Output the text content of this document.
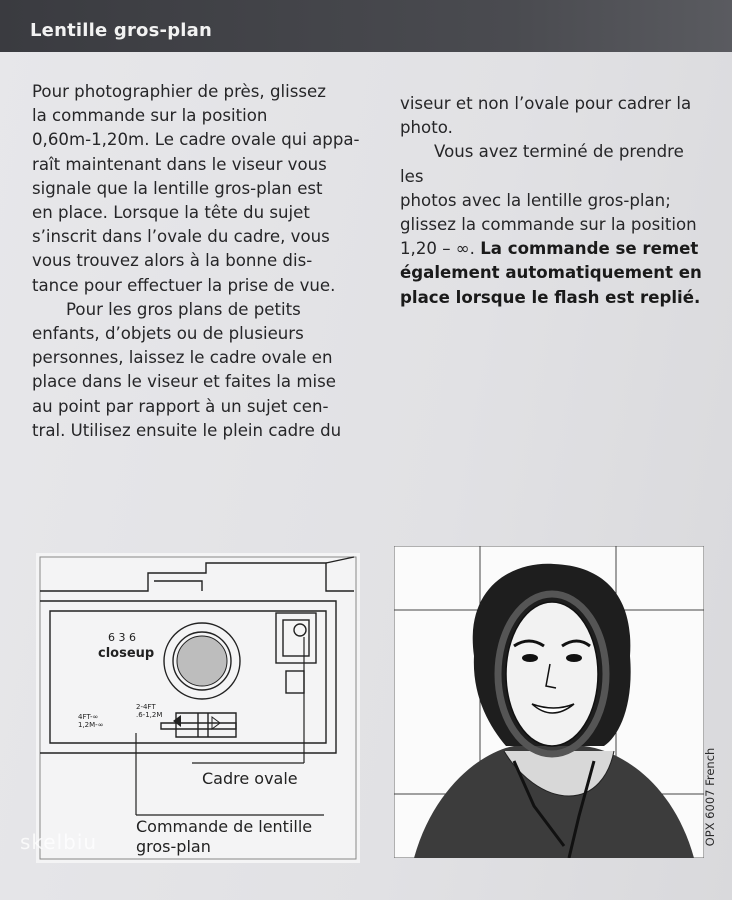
Lentille gros-plan

Pour photographier de près, glissez
la commande sur la position
0,60m-1,20m. Le cadre ovale qui appa-
raît maintenant dans le viseur vous
signale que la lentille gros-plan est
en place. Lorsque la tête du sujet
s’inscrit dans l’ovale du cadre, vous
vous trouvez alors à la bonne dis-
tance pour effectuer la prise de vue.

Pour les gros plans de petits
enfants, d’objets ou de plusieurs
personnes, laissez le cadre ovale en
place dans le viseur et faites la mise
au point par rapport à un sujet cen-
tral. Utilisez ensuite le plein cadre du

viseur et non l’ovale pour cadrer la
photo.

Vous avez terminé de prendre les
photos avec la lentille gros-plan;
glissez la commande sur la position
1,20 – ∞. La commande se remet
également automatiquement en
place lorsque le flash est replié.

6 3 6
closeup
4FT-∞
1,2M-∞
2-4FT
.6-1,2M
Cadre ovale
Commande de lentille
gros-plan
OPX 6007 French
skelbiu
